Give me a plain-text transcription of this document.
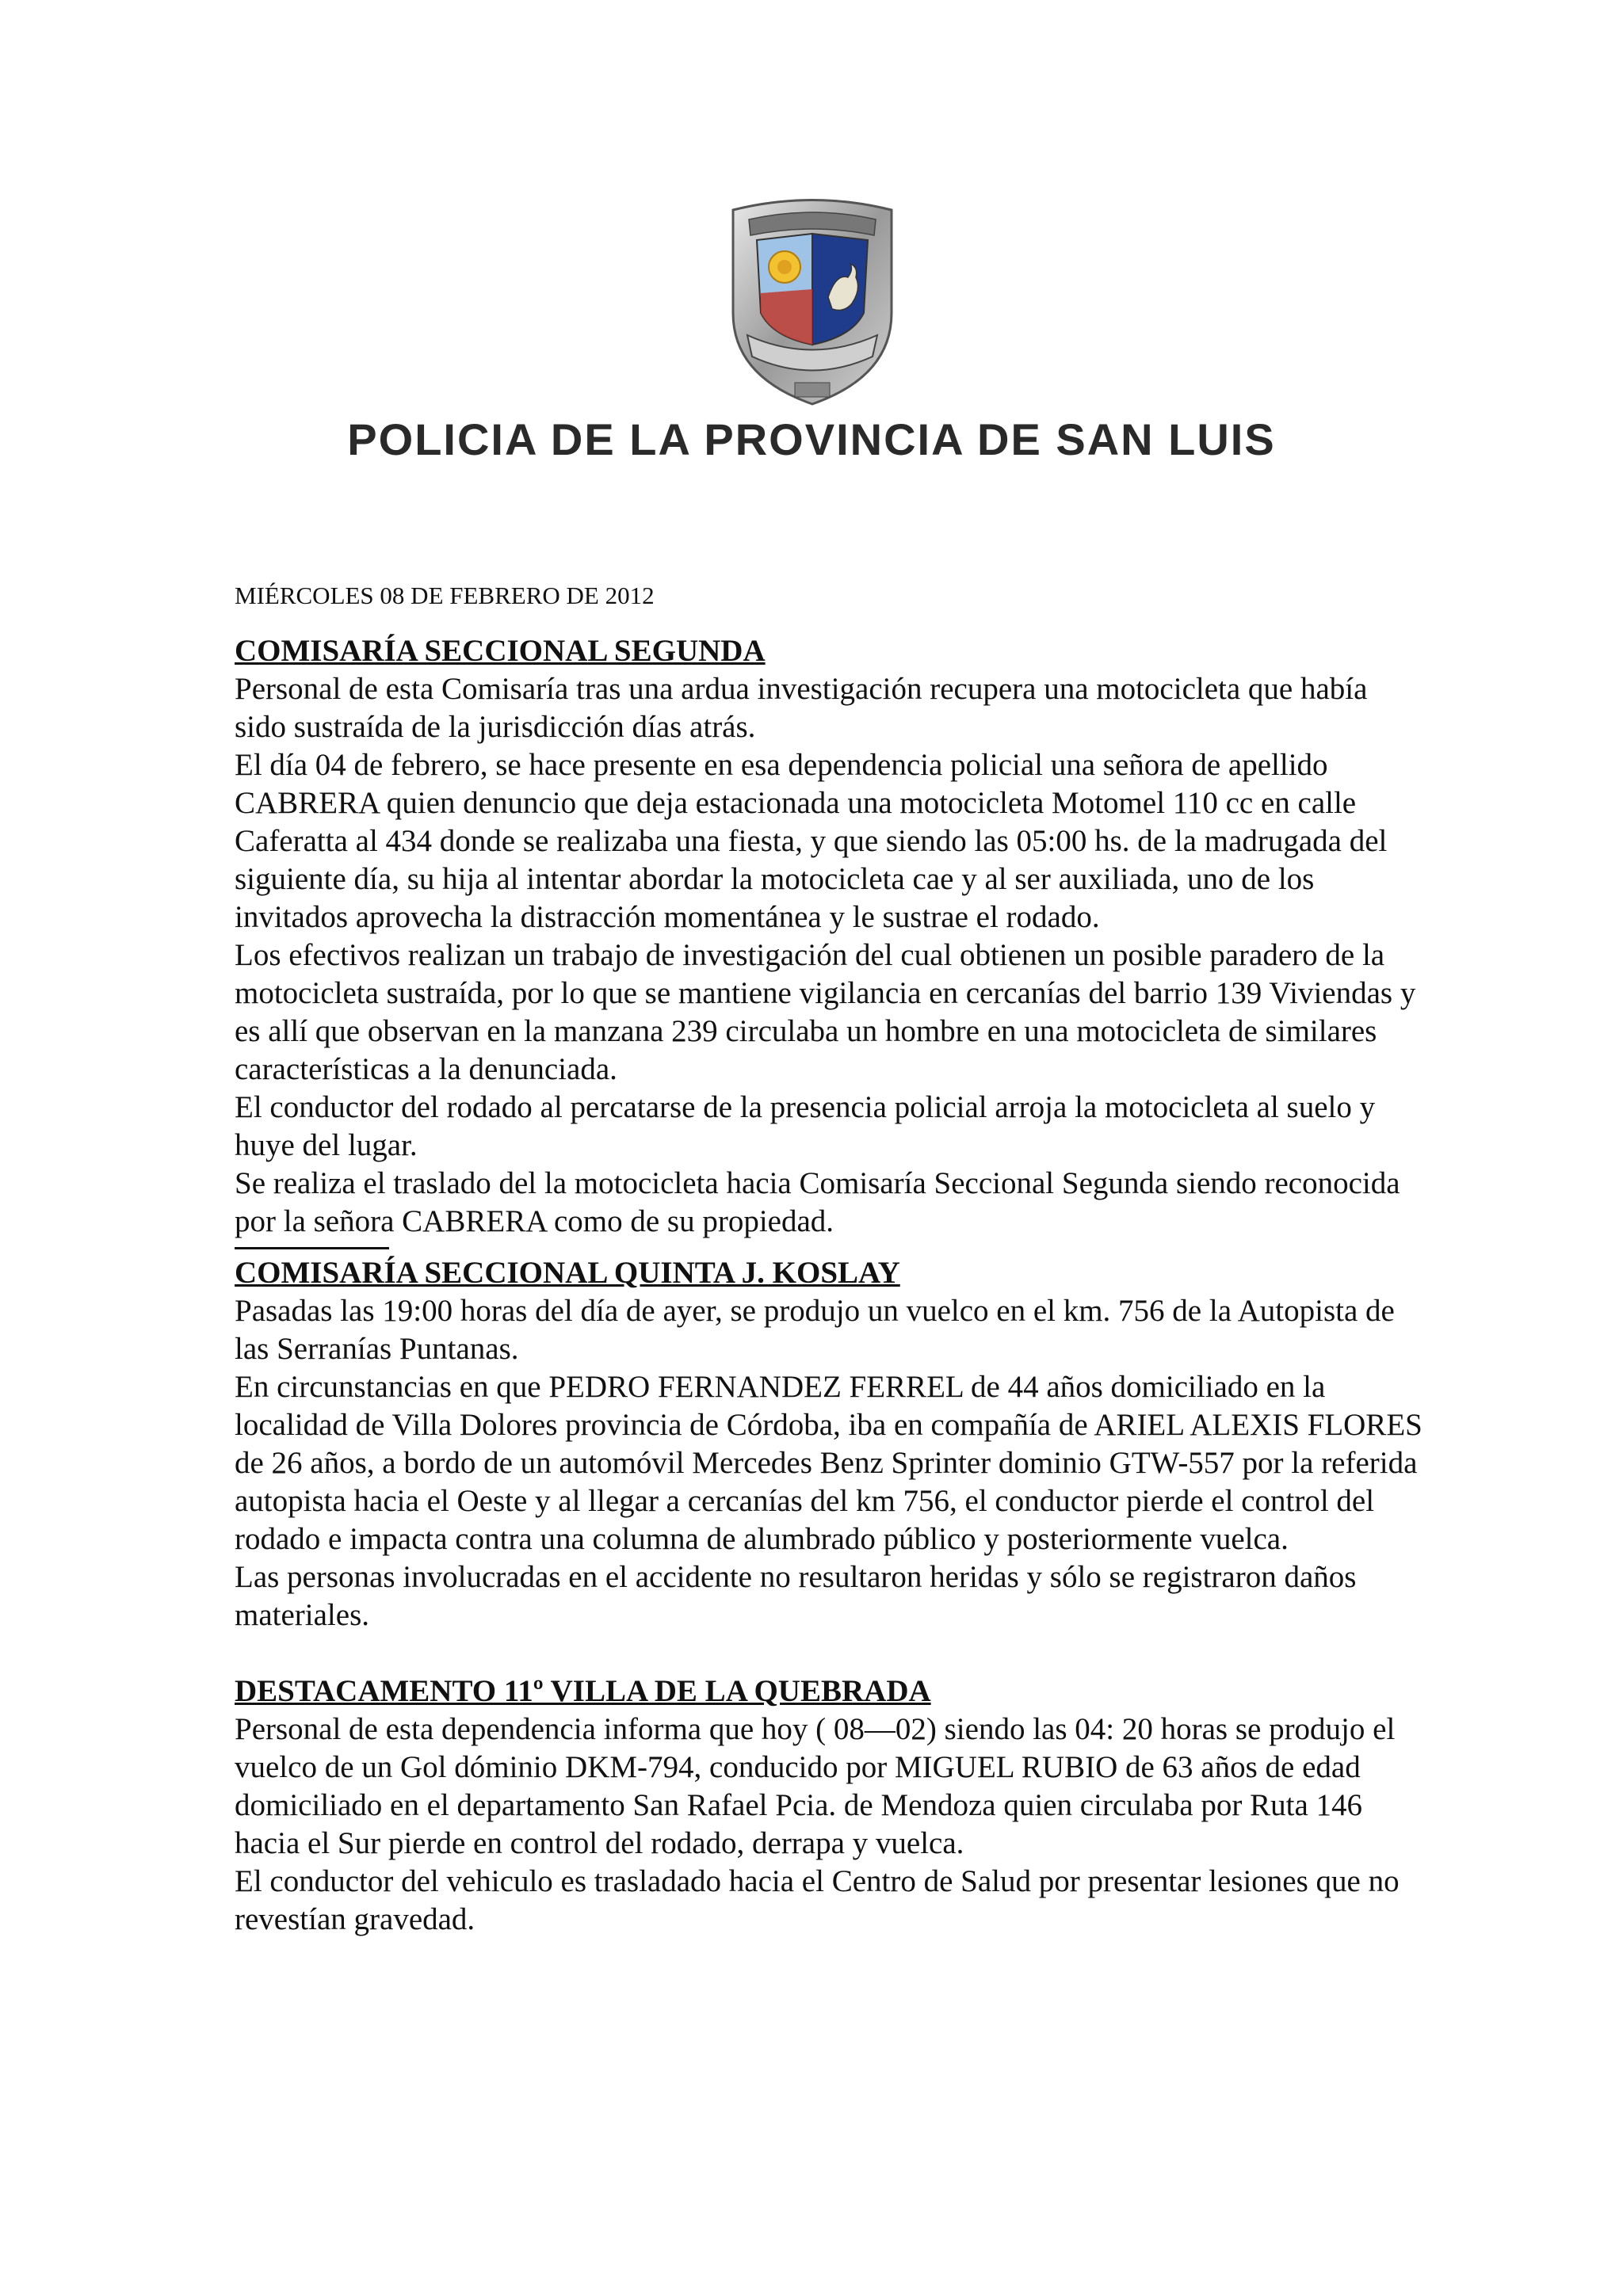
POLICIA DE LA PROVINCIA DE SAN LUIS

MIÉRCOLES 08 DE FEBRERO DE 2012

COMISARÍA SECCIONAL SEGUNDA

Personal de esta Comisaría tras una ardua investigación recupera una motocicleta que había sido sustraída de la jurisdicción días atrás.

El día 04 de febrero, se hace presente en esa dependencia policial una señora de apellido CABRERA quien denuncio que deja estacionada una motocicleta Motomel 110 cc en calle Caferatta al 434 donde se realizaba una fiesta, y que siendo las 05:00 hs. de la madrugada del siguiente día, su hija al intentar abordar la motocicleta cae y al ser auxiliada, uno de los invitados aprovecha la distracción momentánea y le sustrae el rodado.

Los efectivos realizan un trabajo de investigación del cual obtienen un posible paradero de la motocicleta sustraída, por lo que se mantiene vigilancia en cercanías del barrio 139 Viviendas y es allí que observan en la manzana 239 circulaba un hombre en una motocicleta de similares características a la denunciada.

El conductor del rodado al percatarse de la presencia policial arroja la motocicleta al suelo y huye del lugar.

Se realiza el traslado del la motocicleta hacia Comisaría Seccional Segunda siendo reconocida por la señora CABRERA como de su propiedad.

COMISARÍA SECCIONAL QUINTA J. KOSLAY

Pasadas las 19:00 horas del día de ayer, se produjo un vuelco en el km. 756 de la Autopista de las Serranías Puntanas.

En circunstancias en que PEDRO FERNANDEZ FERREL de 44 años domiciliado en la localidad de Villa Dolores provincia de Córdoba, iba en compañía de ARIEL ALEXIS FLORES de 26 años, a bordo de un automóvil Mercedes Benz Sprinter dominio GTW-557 por la referida autopista hacia el Oeste y al llegar a cercanías del km 756, el conductor pierde el control del rodado e impacta contra una columna de alumbrado público y posteriormente vuelca.

Las personas involucradas en el accidente no resultaron heridas y sólo se registraron daños materiales.

DESTACAMENTO 11º VILLA DE LA QUEBRADA

Personal de esta dependencia informa que hoy ( 08—02) siendo las 04: 20 horas se produjo el vuelco de un Gol dóminio DKM-794, conducido por MIGUEL RUBIO de 63 años de edad domiciliado en el departamento San Rafael Pcia. de Mendoza quien circulaba por Ruta 146 hacia el Sur pierde en control del rodado, derrapa y vuelca.

El conductor del vehiculo es trasladado hacia el Centro de Salud por presentar lesiones que no revestían gravedad.
